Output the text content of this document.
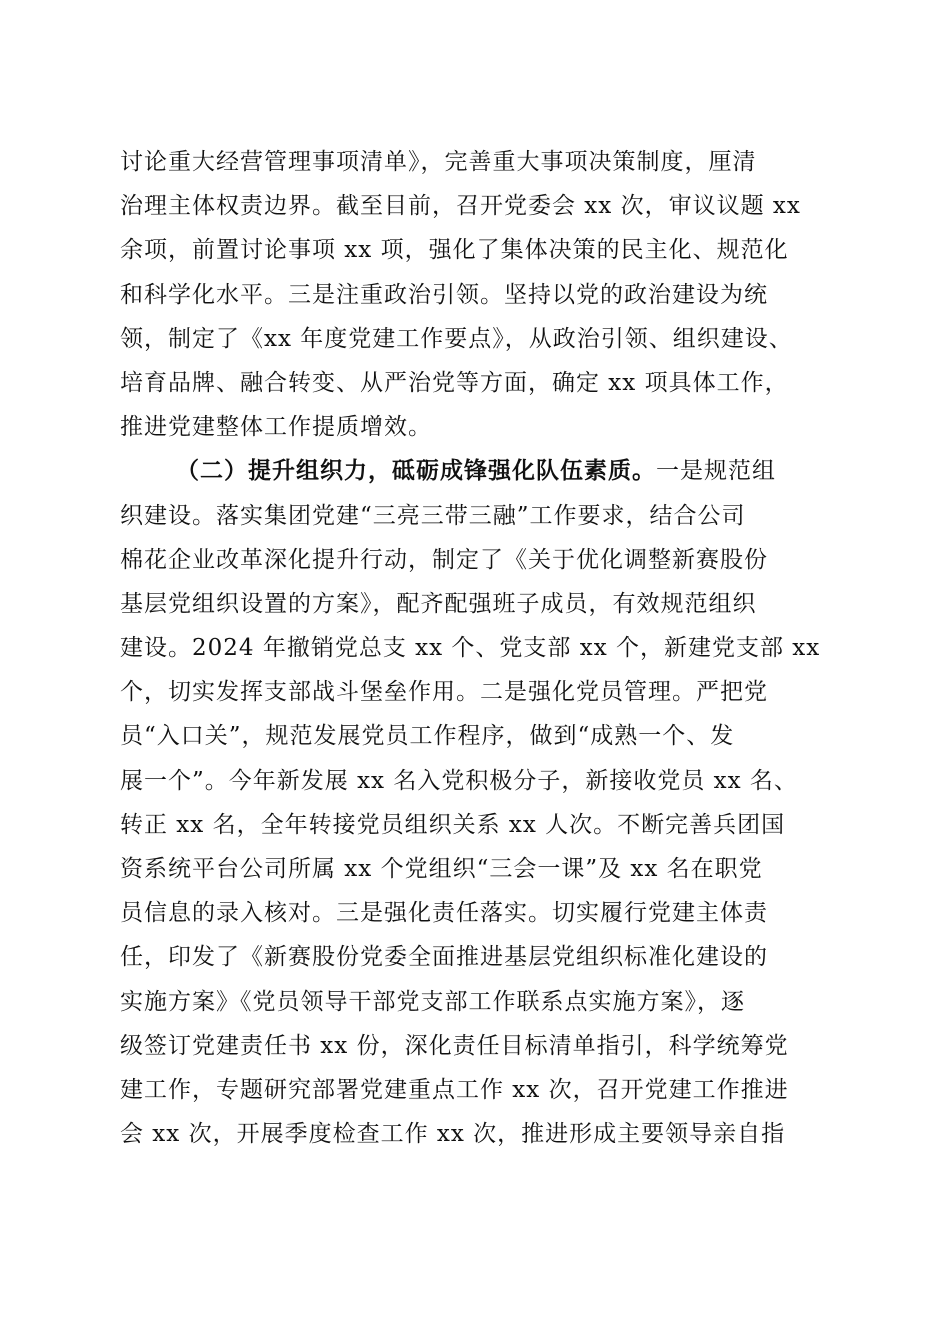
讨论重大经营管理事项清单》，完善重大事项决策制度，厘清
治理主体权责边界。截至目前，召开党委会 xx 次，审议议题 xx
余项，前置讨论事项 xx 项，强化了集体决策的民主化、规范化
和科学化水平。三是注重政治引领。坚持以党的政治建设为统
领，制定了《xx 年度党建工作要点》，从政治引领、组织建设、
培育品牌、融合转变、从严治党等方面，确定 xx 项具体工作，
推进党建整体工作提质增效。
（二）提升组织力，砥砺成锋强化队伍素质。一是规范组
织建设。落实集团党建“三亮三带三融”工作要求，结合公司
棉花企业改革深化提升行动，制定了《关于优化调整新赛股份
基层党组织设置的方案》，配齐配强班子成员，有效规范组织
建设。2024 年撤销党总支 xx 个、党支部 xx 个，新建党支部 xx
个，切实发挥支部战斗堡垒作用。二是强化党员管理。严把党
员“入口关”，规范发展党员工作程序，做到“成熟一个、发
展一个”。今年新发展 xx 名入党积极分子，新接收党员 xx 名、
转正 xx 名，全年转接党员组织关系 xx 人次。不断完善兵团国
资系统平台公司所属 xx 个党组织“三会一课”及 xx 名在职党
员信息的录入核对。三是强化责任落实。切实履行党建主体责
任，印发了《新赛股份党委全面推进基层党组织标准化建设的
实施方案》《党员领导干部党支部工作联系点实施方案》，逐
级签订党建责任书 xx 份，深化责任目标清单指引，科学统筹党
建工作，专题研究部署党建重点工作 xx 次，召开党建工作推进
会 xx 次，开展季度检查工作 xx 次，推进形成主要领导亲自指
